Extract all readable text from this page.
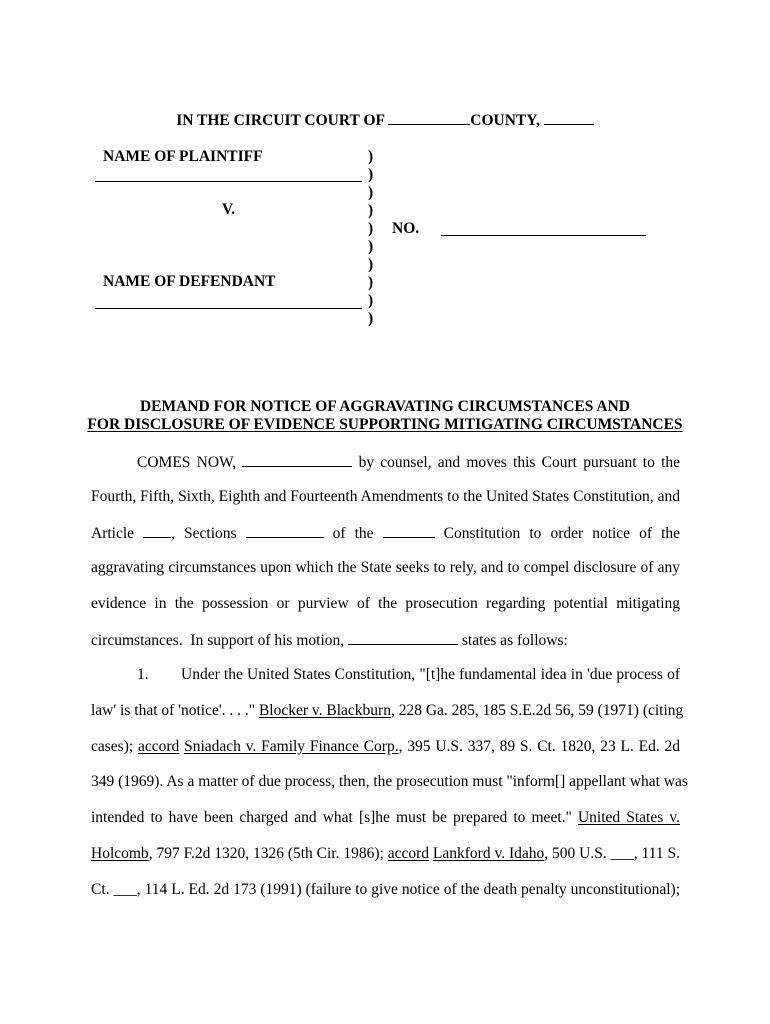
IN THE CIRCUIT COURT OF	COUNTY,
NAME OF PLAINTIFF
V.
NAME OF DEFENDANT
)
)
)
)
)
)
)
)
)
)
NO.
DEMAND FOR NOTICE OF AGGRAVATING CIRCUMSTANCES AND
FOR DISCLOSURE OF EVIDENCE SUPPORTING MITIGATING CIRCUMSTANCES
COMES NOW,	by counsel, and moves this Court pursuant to the
Fourth, Fifth, Sixth, Eighth and Fourteenth Amendments to the United States Constitution, and
Article , Sections	of the	Constitution to order notice of the
aggravating circumstances upon which the State seeks to rely, and to compel disclosure of any
evidence in the possession or purview of the prosecution regarding potential mitigating
circumstances.  In support of his motion,	states as follows:
1. Under the United States Constitution, "[t]he fundamental idea in 'due process of
law' is that of 'notice'. . . ." Blocker v. Blackburn, 228 Ga. 285, 185 S.E.2d 56, 59 (1971) (citing
cases); accord Sniadach v. Family Finance Corp., 395 U.S. 337, 89 S. Ct. 1820, 23 L. Ed. 2d
349 (1969). As a matter of due process, then, the prosecution must "inform[] appellant what was
intended to have been charged and what [s]he must be prepared to meet." United States v.
Holcomb, 797 F.2d 1320, 1326 (5th Cir. 1986); accord Lankford v. Idaho, 500 U.S. ___, 111 S.
Ct. ___, 114 L. Ed. 2d 173 (1991) (failure to give notice of the death penalty unconstitutional);
